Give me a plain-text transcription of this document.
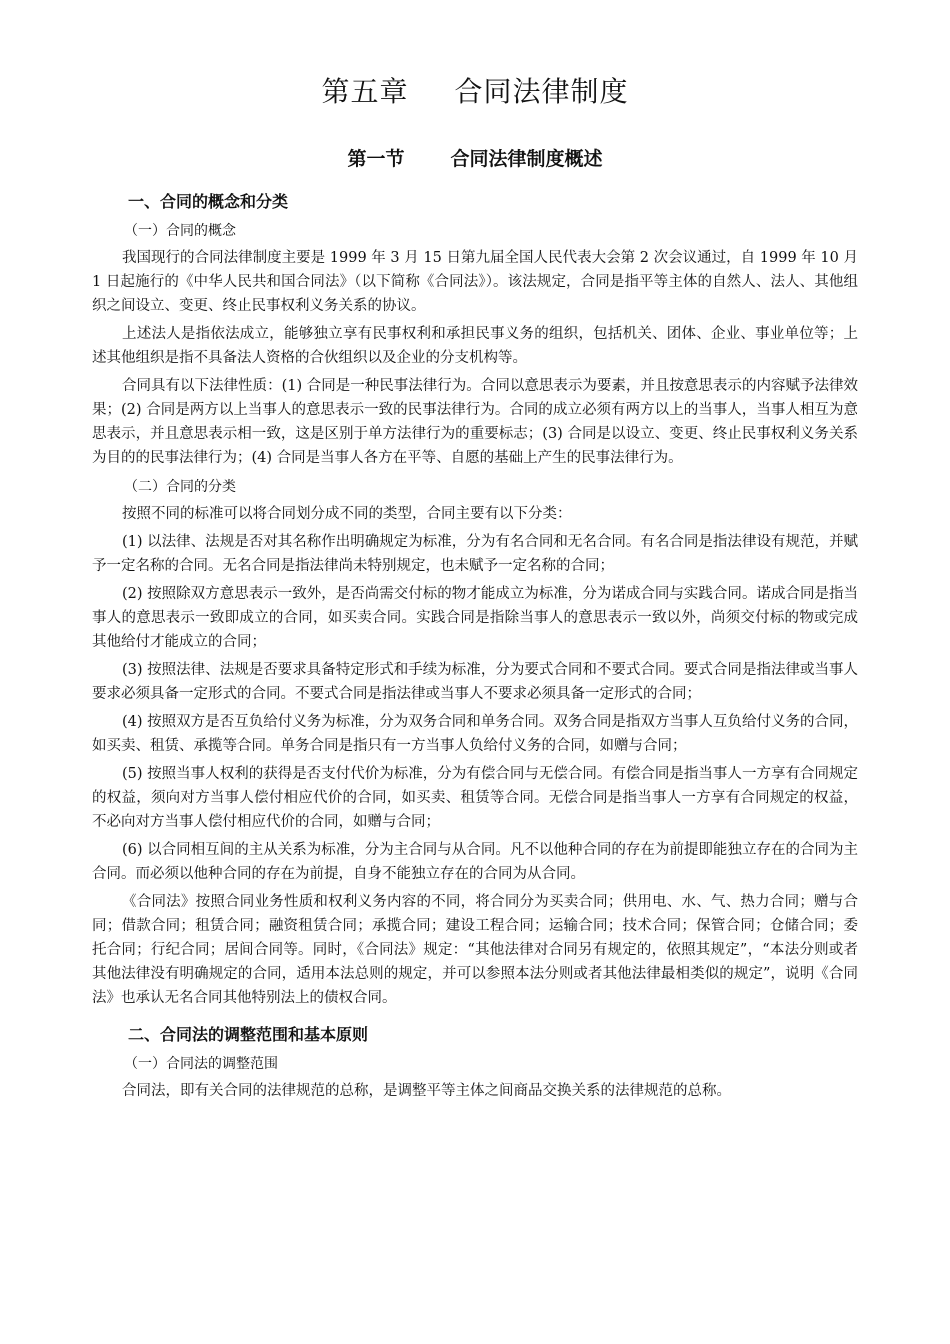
第五章 合同法律制度
第一节 合同法律制度概述
一、合同的概念和分类
（一）合同的概念

我国现行的合同法律制度主要是 1999 年 3 月 15 日第九届全国人民代表大会第 2 次会议通过，自 1999 年 10 月 1 日起施行的《中华人民共和国合同法》（以下简称《合同法》）。该法规定，合同是指平等主体的自然人、法人、其他组织之间设立、变更、终止民事权利义务关系的协议。

上述法人是指依法成立，能够独立享有民事权利和承担民事义务的组织，包括机关、团体、企业、事业单位等；上述其他组织是指不具备法人资格的合伙组织以及企业的分支机构等。

合同具有以下法律性质：(1) 合同是一种民事法律行为。合同以意思表示为要素，并且按意思表示的内容赋予法律效果；(2) 合同是两方以上当事人的意思表示一致的民事法律行为。合同的成立必须有两方以上的当事人，当事人相互为意思表示，并且意思表示相一致，这是区别于单方法律行为的重要标志；(3) 合同是以设立、变更、终止民事权利义务关系为目的的民事法律行为；(4) 合同是当事人各方在平等、自愿的基础上产生的民事法律行为。

（二）合同的分类

按照不同的标准可以将合同划分成不同的类型，合同主要有以下分类：

(1) 以法律、法规是否对其名称作出明确规定为标准，分为有名合同和无名合同。有名合同是指法律设有规范，并赋予一定名称的合同。无名合同是指法律尚未特别规定，也未赋予一定名称的合同；

(2) 按照除双方意思表示一致外，是否尚需交付标的物才能成立为标准，分为诺成合同与实践合同。诺成合同是指当事人的意思表示一致即成立的合同，如买卖合同。实践合同是指除当事人的意思表示一致以外，尚须交付标的物或完成其他给付才能成立的合同；

(3) 按照法律、法规是否要求具备特定形式和手续为标准，分为要式合同和不要式合同。要式合同是指法律或当事人要求必须具备一定形式的合同。不要式合同是指法律或当事人不要求必须具备一定形式的合同；

(4) 按照双方是否互负给付义务为标准，分为双务合同和单务合同。双务合同是指双方当事人互负给付义务的合同，如买卖、租赁、承揽等合同。单务合同是指只有一方当事人负给付义务的合同，如赠与合同；

(5) 按照当事人权利的获得是否支付代价为标准，分为有偿合同与无偿合同。有偿合同是指当事人一方享有合同规定的权益，须向对方当事人偿付相应代价的合同，如买卖、租赁等合同。无偿合同是指当事人一方享有合同规定的权益，不必向对方当事人偿付相应代价的合同，如赠与合同；

(6) 以合同相互间的主从关系为标准，分为主合同与从合同。凡不以他种合同的存在为前提即能独立存在的合同为主合同。而必须以他种合同的存在为前提，自身不能独立存在的合同为从合同。

《合同法》按照合同业务性质和权利义务内容的不同，将合同分为买卖合同；供用电、水、气、热力合同；赠与合同；借款合同；租赁合同；融资租赁合同；承揽合同；建设工程合同；运输合同；技术合同；保管合同；仓储合同；委托合同；行纪合同；居间合同等。同时，《合同法》规定：“其他法律对合同另有规定的，依照其规定”，“本法分则或者其他法律没有明确规定的合同，适用本法总则的规定，并可以参照本法分则或者其他法律最相类似的规定”，说明《合同法》也承认无名合同其他特别法上的债权合同。

二、合同法的调整范围和基本原则
（一）合同法的调整范围

合同法，即有关合同的法律规范的总称，是调整平等主体之间商品交换关系的法律规范的总称。
